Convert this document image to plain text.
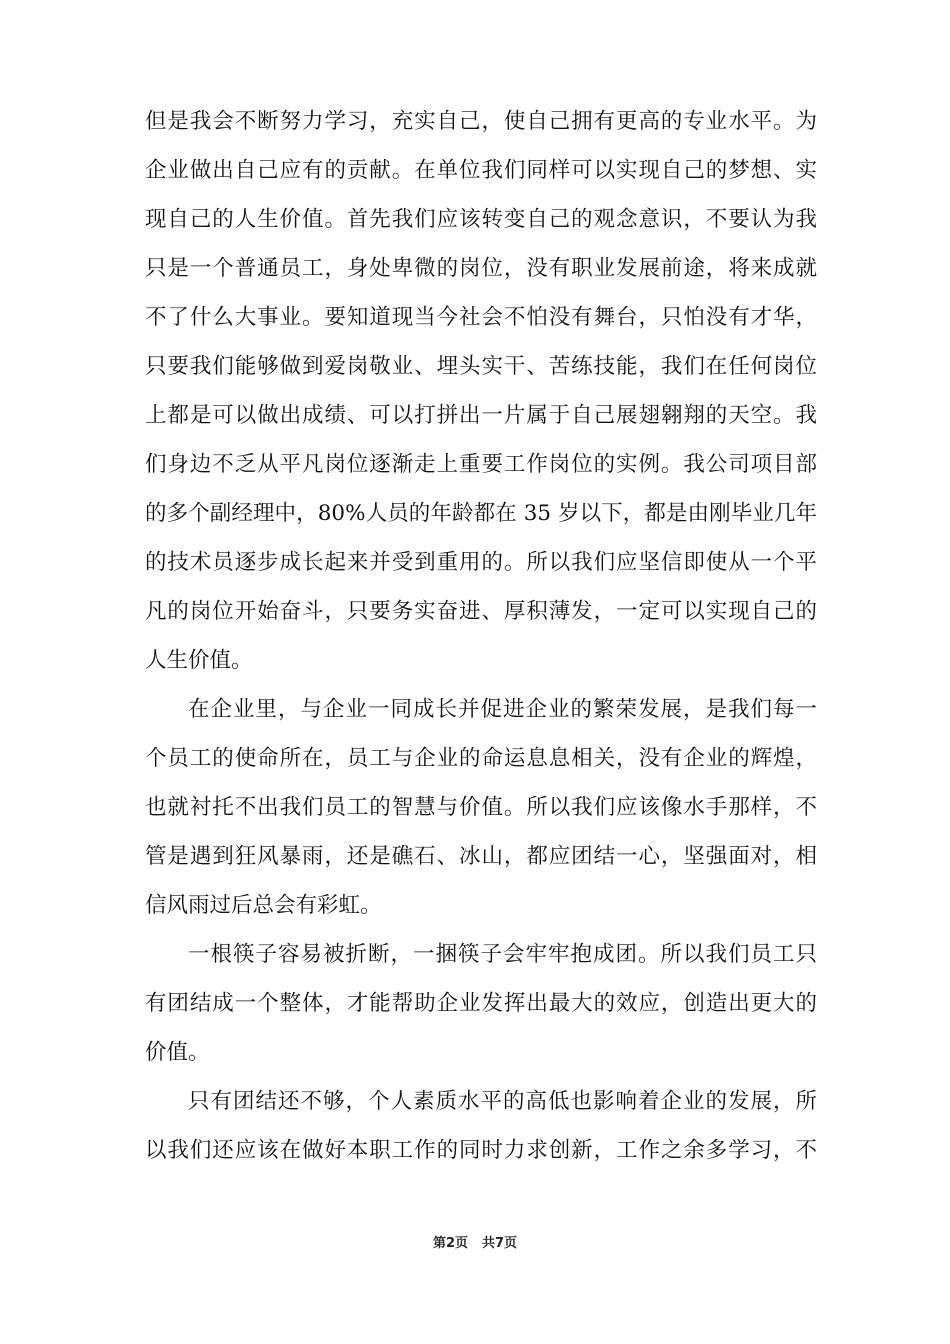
但是我会不断努力学习，充实自己，使自己拥有更高的专业水平。为
企业做出自己应有的贡献。在单位我们同样可以实现自己的梦想、实
现自己的人生价值。首先我们应该转变自己的观念意识，不要认为我
只是一个普通员工，身处卑微的岗位，没有职业发展前途，将来成就
不了什么大事业。要知道现当今社会不怕没有舞台，只怕没有才华，
只要我们能够做到爱岗敬业、埋头实干、苦练技能，我们在任何岗位
上都是可以做出成绩、可以打拼出一片属于自己展翅翱翔的天空。我
们身边不乏从平凡岗位逐渐走上重要工作岗位的实例。我公司项目部
的多个副经理中，80%人员的年龄都在 35 岁以下，都是由刚毕业几年
的技术员逐步成长起来并受到重用的。所以我们应坚信即使从一个平
凡的岗位开始奋斗，只要务实奋进、厚积薄发，一定可以实现自己的
人生价值。
在企业里，与企业一同成长并促进企业的繁荣发展，是我们每一
个员工的使命所在，员工与企业的命运息息相关，没有企业的辉煌，
也就衬托不出我们员工的智慧与价值。所以我们应该像水手那样，不
管是遇到狂风暴雨，还是礁石、冰山，都应团结一心，坚强面对，相
信风雨过后总会有彩虹。
一根筷子容易被折断，一捆筷子会牢牢抱成团。所以我们员工只
有团结成一个整体，才能帮助企业发挥出最大的效应，创造出更大的
价值。
只有团结还不够，个人素质水平的高低也影响着企业的发展，所
以我们还应该在做好本职工作的同时力求创新，工作之余多学习，不
第2页 共7页
